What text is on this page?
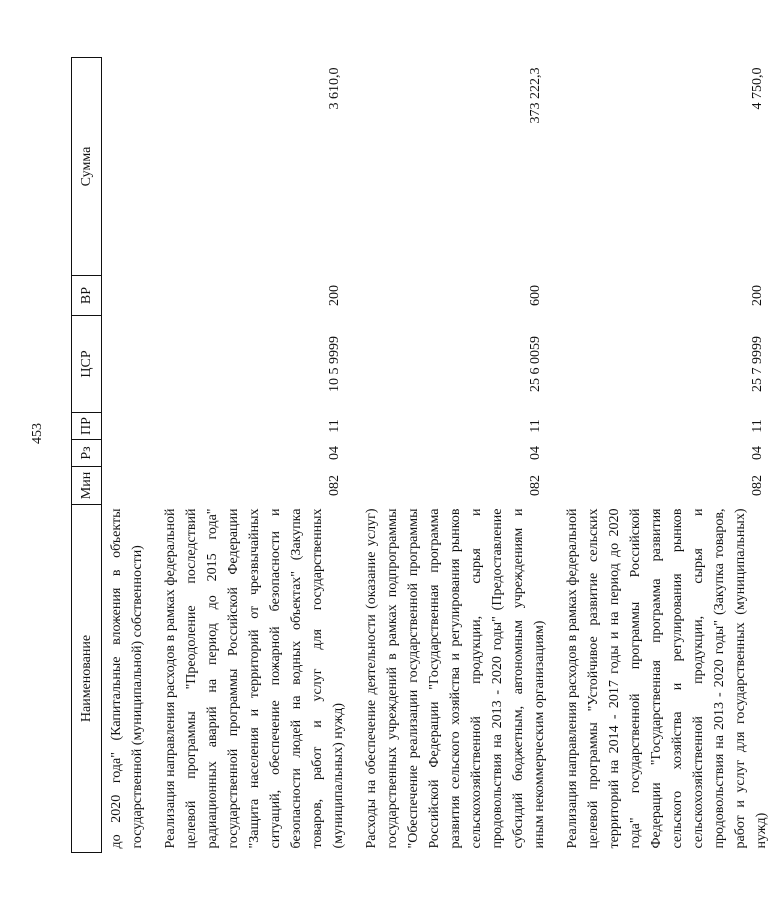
453
Наименование	Мин	Рз	ПР	ЦСР	ВР	Сумма
до 2020 года" (Капитальные вложения в объекты государственной (муниципальной) собственности)						

Реализация направления расходов в рамках федеральной целевой программы "Преодоление последствий радиационных аварий на период до 2015 года" государственной программы Российской Федерации "Защита населения и территорий от чрезвычайных ситуаций, обеспечение пожарной безопасности и безопасности людей на водных объектах" (Закупка товаров, работ и услуг для государственных (муниципальных) нужд)	082	04	11	10 5 9999	200	3 610,0

Расходы на обеспечение деятельности (оказание услуг) государственных учреждений в рамках подпрограммы "Обеспечение реализации государственной программы Российской Федерации "Государственная программа развития сельского хозяйства и регулирования рынков сельскохозяйственной продукции, сырья и продовольствия на 2013 - 2020 годы" (Предоставление субсидий бюджетным, автономным учреждениям и иным некоммерческим организациям)	082	04	11	25 6 0059	600	373 222,3

Реализация направления расходов в рамках федеральной целевой программы "Устойчивое развитие сельских территорий на 2014 - 2017 годы и на период до 2020 года" государственной программы Российской Федерации "Государственная программа развития сельского хозяйства и регулирования рынков сельскохозяйственной продукции, сырья и продовольствия на 2013 - 2020 годы" (Закупка товаров, работ и услуг для государственных (муниципальных) нужд)	082	04	11	25 7 9999	200	4 750,0
